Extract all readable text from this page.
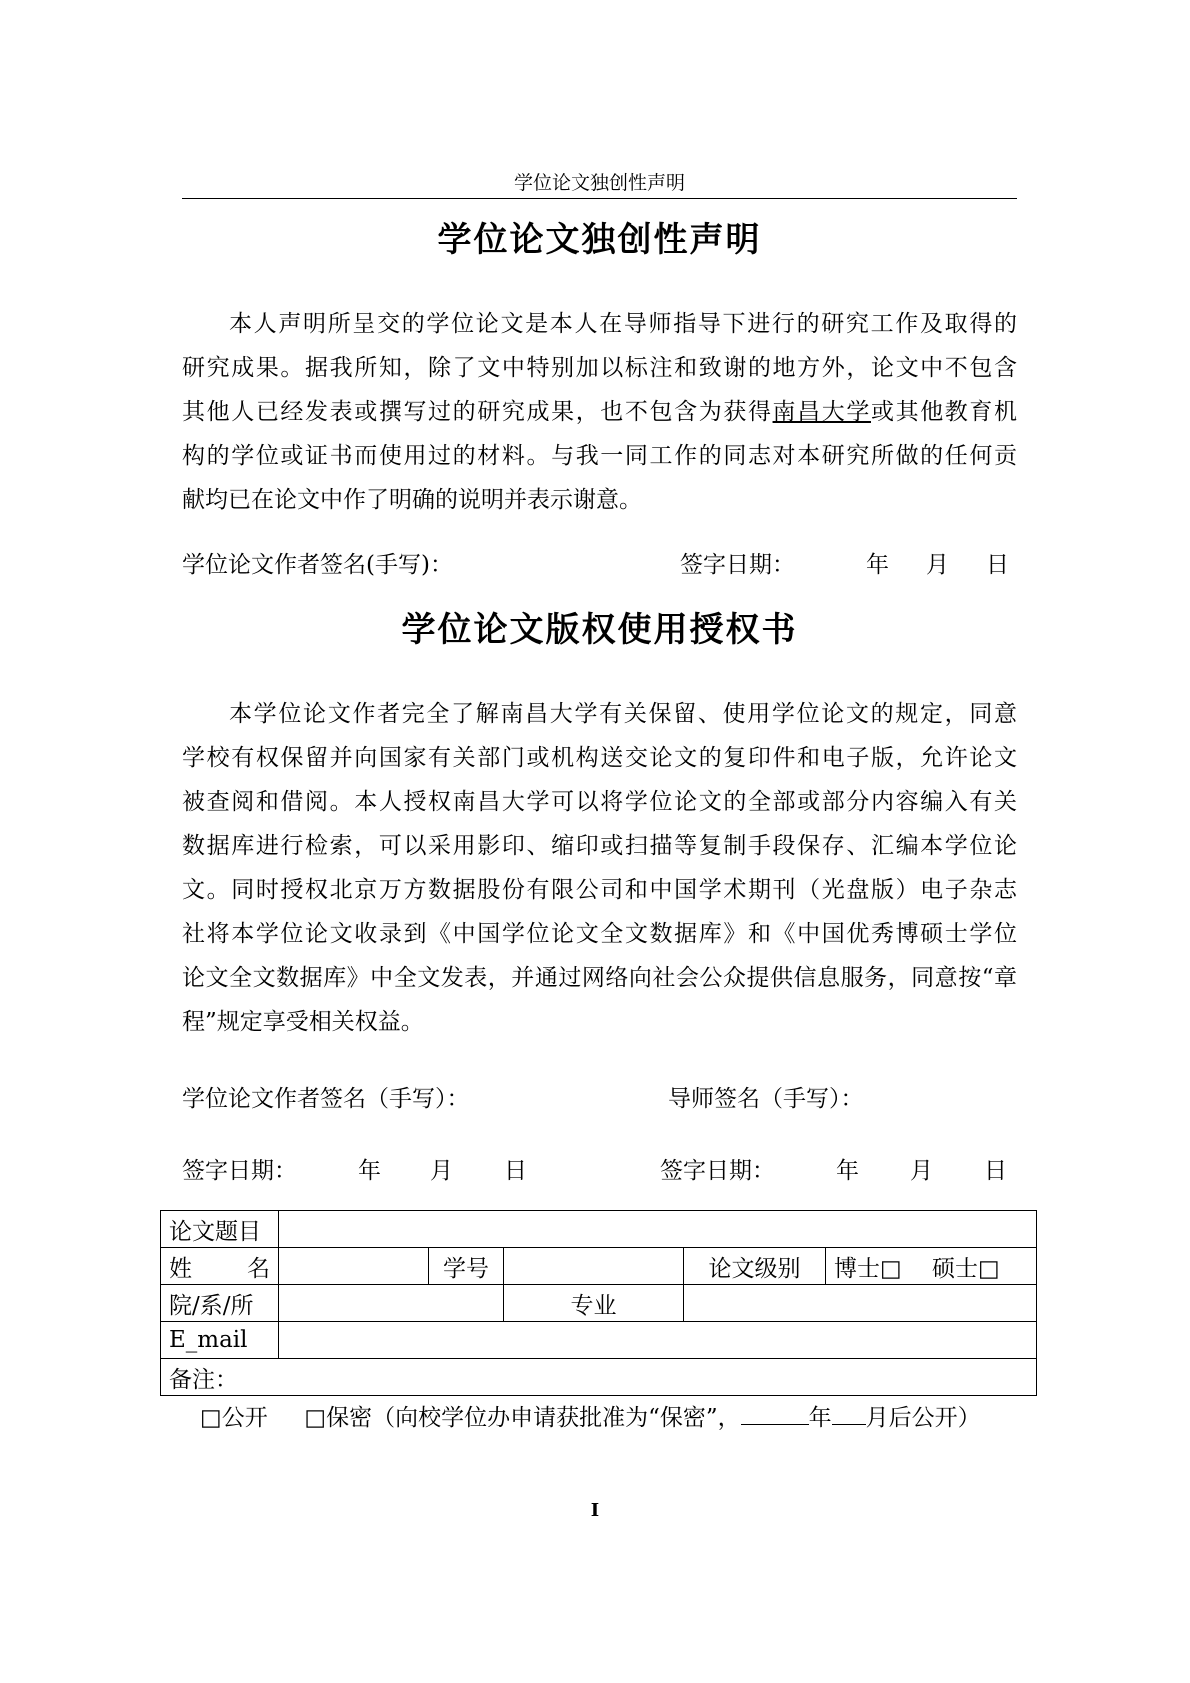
学位论文独创性声明
学位论文独创性声明
本人声明所呈交的学位论文是本人在导师指导下进行的研究工作及取得的
研究成果。据我所知，除了文中特别加以标注和致谢的地方外，论文中不包含
其他人已经发表或撰写过的研究成果，也不包含为获得南昌大学或其他教育机
构的学位或证书而使用过的材料。与我一同工作的同志对本研究所做的任何贡
献均已在论文中作了明确的说明并表示谢意。
学位论文作者签名(手写)：	签字日期：	年 月 日
学位论文版权使用授权书
本学位论文作者完全了解南昌大学有关保留、使用学位论文的规定，同意
学校有权保留并向国家有关部门或机构送交论文的复印件和电子版，允许论文
被查阅和借阅。本人授权南昌大学可以将学位论文的全部或部分内容编入有关
数据库进行检索，可以采用影印、缩印或扫描等复制手段保存、汇编本学位论
文。同时授权北京万方数据股份有限公司和中国学术期刊（光盘版）电子杂志
社将本学位论文收录到《中国学位论文全文数据库》和《中国优秀博硕士学位
论文全文数据库》中全文发表，并通过网络向社会公众提供信息服务，同意按“章
程”规定享受相关权益。
学位论文作者签名（手写）：	导师签名（手写）：
签字日期：	年 月 日	签字日期：	年 月 日
论文题目					

姓 名		学号		论文级别	博士□　 硕士□
院/系/所			专业		
E_mail					
备注：					
□公开 □保密（向校学位办申请获批准为“保密”，	年 月后公开）
I
